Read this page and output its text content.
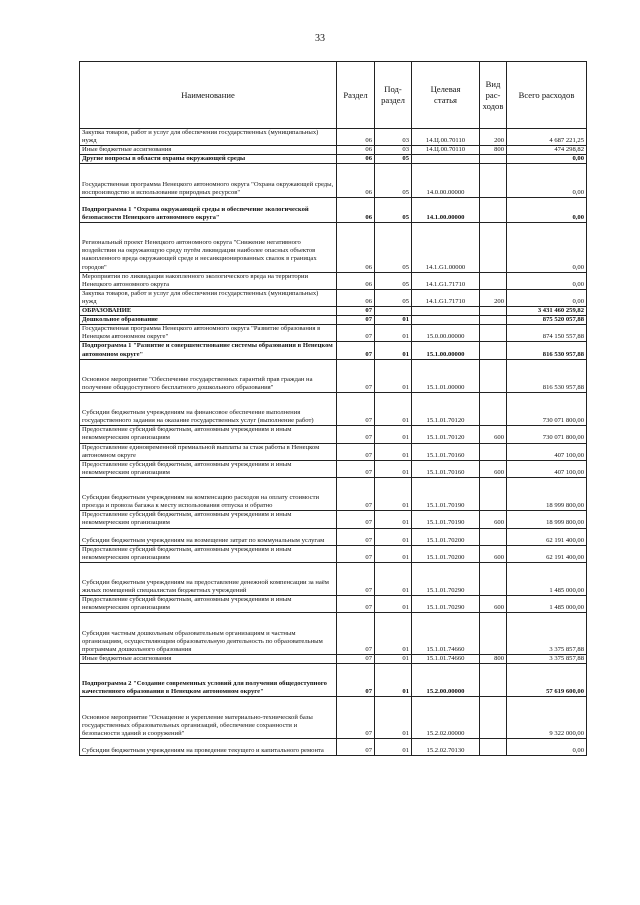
33
Наименование	Раздел	Под-
раздел	Целевая
статья	Вид
рас-
ходов	Всего расходов
Закупка товаров, работ и услуг для обеспечения государственных (муниципальных) нужд	06	03	14.Ц.00.70110	200	4 687 221,25
Иные бюджетные ассигнования	06	03	14.Ц.00.70110	800	474 298,82
Другие вопросы в области охраны окружающей среды	06	05			0,00
Государственная программа Ненецкого автономного округа "Охрана окружающей среды, воспроизводство и использование природных ресурсов"	06	05	14.0.00.00000		0,00
Подпрограмма 1 "Охрана окружающей среды и обеспечение экологической безопасности Ненецкого автономного округа"	06	05	14.1.00.00000		0,00
Региональный проект Ненецкого автономного округа "Снижение негативного воздействия на окружающую среду путём ликвидации наиболее опасных объектов накопленного вреда окружающей среде и несанкционированных свалок в границах городов"	06	05	14.1.G1.00000		0,00
Мероприятия по ликвидации накопленного экологического вреда на территории Ненецкого автономного округа	06	05	14.1.G1.71710		0,00
Закупка товаров, работ и услуг для обеспечения государственных (муниципальных) нужд	06	05	14.1.G1.71710	200	0,00
ОБРАЗОВАНИЕ	07				3 431 460 259,82
Дошкольное образование	07	01			875 520 057,88
Государственная программа Ненецкого автономного округа "Развитие образования в Ненецком автономном округе"	07	01	15.0.00.00000		874 150 557,88
Подпрограмма 1 "Развитие и совершенствование системы образования в Ненецком автономном округе"	07	01	15.1.00.00000		816 530 957,88
Основное мероприятие "Обеспечение государственных гарантий прав граждан на получение общедоступного бесплатного дошкольного образования"	07	01	15.1.01.00000		816 530 957,88
Субсидии бюджетным учреждениям на финансовое обеспечение выполнения государственного задания на оказание государственных услуг (выполнение работ)	07	01	15.1.01.70120		730 071 800,00
Предоставление субсидий бюджетным, автономным учреждениям и иным некоммерческим организациям	07	01	15.1.01.70120	600	730 071 800,00
Предоставление единовременной премиальной выплаты за стаж работы в Ненецком автономном округе	07	01	15.1.01.70160		407 100,00
Предоставление субсидий бюджетным, автономным учреждениям и иным некоммерческим организациям	07	01	15.1.01.70160	600	407 100,00
Субсидии бюджетным учреждениям на компенсацию расходов на оплату стоимости проезда и провоза багажа к месту использования отпуска и обратно	07	01	15.1.01.70190		18 999 800,00
Предоставление субсидий бюджетным, автономным учреждениям и иным некоммерческим организациям	07	01	15.1.01.70190	600	18 999 800,00
Субсидии бюджетным учреждениям на возмещение затрат по коммунальным услугам	07	01	15.1.01.70200		62 191 400,00
Предоставление субсидий бюджетным, автономным учреждениям и иным некоммерческим организациям	07	01	15.1.01.70200	600	62 191 400,00
Субсидии бюджетным учреждениям на предоставление денежной компенсации за наём жилых помещений специалистам бюджетных учреждений	07	01	15.1.01.70290		1 485 000,00
Предоставление субсидий бюджетным, автономным учреждениям и иным некоммерческим организациям	07	01	15.1.01.70290	600	1 485 000,00
Субсидии частным дошкольным образовательным организациям и частным организациям, осуществляющим образовательную деятельность по образовательным программам дошкольного образования	07	01	15.1.01.74660		3 375 857,88
Иные бюджетные ассигнования	07	01	15.1.01.74660	800	3 375 857,88
Подпрограмма 2 "Создание современных условий для получения общедоступного качественного образования в Ненецком автономном округе"	07	01	15.2.00.00000		57 619 600,00
Основное мероприятие "Оснащение и укрепление материально-технической базы государственных образовательных организаций, обеспечение сохранности и безопасности зданий и сооружений"	07	01	15.2.02.00000		9 322 000,00
Субсидии бюджетным учреждениям на проведение текущего и капитального ремонта	07	01	15.2.02.70130		0,00
